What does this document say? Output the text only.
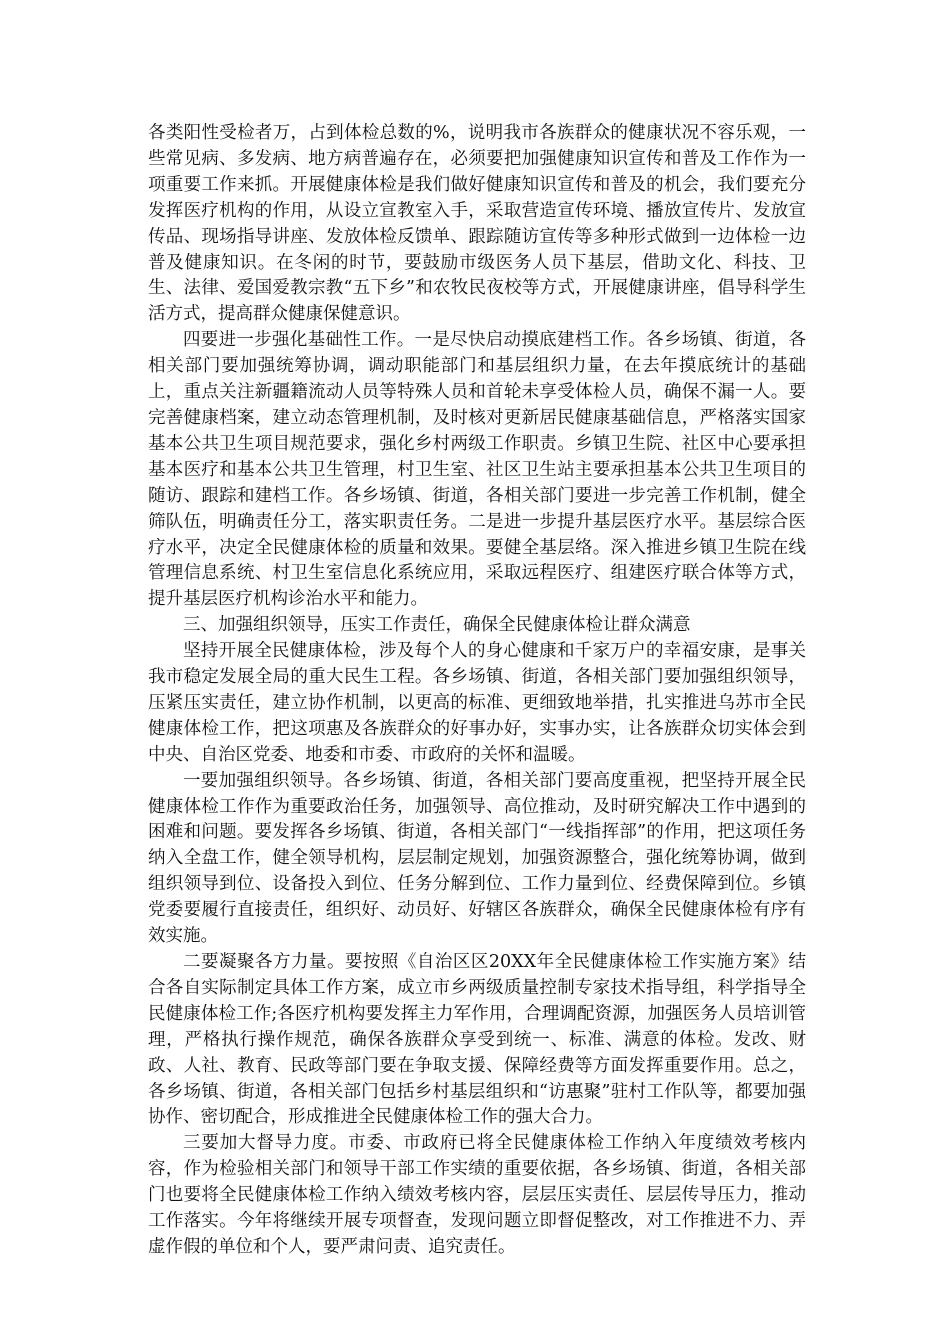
各类阳性受检者万，占到体检总数的%，说明我市各族群众的健康状况不容乐观，一些常见病、多发病、地方病普遍存在，必须要把加强健康知识宣传和普及工作作为一项重要工作来抓。开展健康体检是我们做好健康知识宣传和普及的机会，我们要充分发挥医疗机构的作用，从设立宣教室入手，采取营造宣传环境、播放宣传片、发放宣传品、现场指导讲座、发放体检反馈单、跟踪随访宣传等多种形式做到一边体检一边普及健康知识。在冬闲的时节，要鼓励市级医务人员下基层，借助文化、科技、卫生、法律、爱国爱教宗教“五下乡”和农牧民夜校等方式，开展健康讲座，倡导科学生活方式，提高群众健康保健意识。

四要进一步强化基础性工作。一是尽快启动摸底建档工作。各乡场镇、街道，各相关部门要加强统筹协调，调动职能部门和基层组织力量，在去年摸底统计的基础上，重点关注新疆籍流动人员等特殊人员和首轮未享受体检人员，确保不漏一人。要完善健康档案，建立动态管理机制，及时核对更新居民健康基础信息，严格落实国家基本公共卫生项目规范要求，强化乡村两级工作职责。乡镇卫生院、社区中心要承担基本医疗和基本公共卫生管理，村卫生室、社区卫生站主要承担基本公共卫生项目的随访、跟踪和建档工作。各乡场镇、街道，各相关部门要进一步完善工作机制，健全筛队伍，明确责任分工，落实职责任务。二是进一步提升基层医疗水平。基层综合医疗水平，决定全民健康体检的质量和效果。要健全基层络。深入推进乡镇卫生院在线管理信息系统、村卫生室信息化系统应用，采取远程医疗、组建医疗联合体等方式，提升基层医疗机构诊治水平和能力。

三、加强组织领导，压实工作责任，确保全民健康体检让群众满意

坚持开展全民健康体检，涉及每个人的身心健康和千家万户的幸福安康，是事关我市稳定发展全局的重大民生工程。各乡场镇、街道，各相关部门要加强组织领导，压紧压实责任，建立协作机制，以更高的标准、更细致地举措，扎实推进乌苏市全民健康体检工作，把这项惠及各族群众的好事办好，实事办实，让各族群众切实体会到中央、自治区党委、地委和市委、市政府的关怀和温暖。

一要加强组织领导。各乡场镇、街道，各相关部门要高度重视，把坚持开展全民健康体检工作作为重要政治任务，加强领导、高位推动，及时研究解决工作中遇到的困难和问题。要发挥各乡场镇、街道，各相关部门“一线指挥部”的作用，把这项任务纳入全盘工作，健全领导机构，层层制定规划，加强资源整合，强化统筹协调，做到组织领导到位、设备投入到位、任务分解到位、工作力量到位、经费保障到位。乡镇党委要履行直接责任，组织好、动员好、好辖区各族群众，确保全民健康体检有序有效实施。

二要凝聚各方力量。要按照《自治区区20XX年全民健康体检工作实施方案》结合各自实际制定具体工作方案，成立市乡两级质量控制专家技术指导组，科学指导全民健康体检工作;各医疗机构要发挥主力军作用，合理调配资源，加强医务人员培训管理，严格执行操作规范，确保各族群众享受到统一、标准、满意的体检。发改、财政、人社、教育、民政等部门要在争取支援、保障经费等方面发挥重要作用。总之，各乡场镇、街道，各相关部门包括乡村基层组织和“访惠聚”驻村工作队等，都要加强协作、密切配合，形成推进全民健康体检工作的强大合力。

三要加大督导力度。市委、市政府已将全民健康体检工作纳入年度绩效考核内容，作为检验相关部门和领导干部工作实绩的重要依据，各乡场镇、街道，各相关部门也要将全民健康体检工作纳入绩效考核内容，层层压实责任、层层传导压力，推动工作落实。今年将继续开展专项督查，发现问题立即督促整改，对工作推进不力、弄虚作假的单位和个人，要严肃问责、追究责任。
